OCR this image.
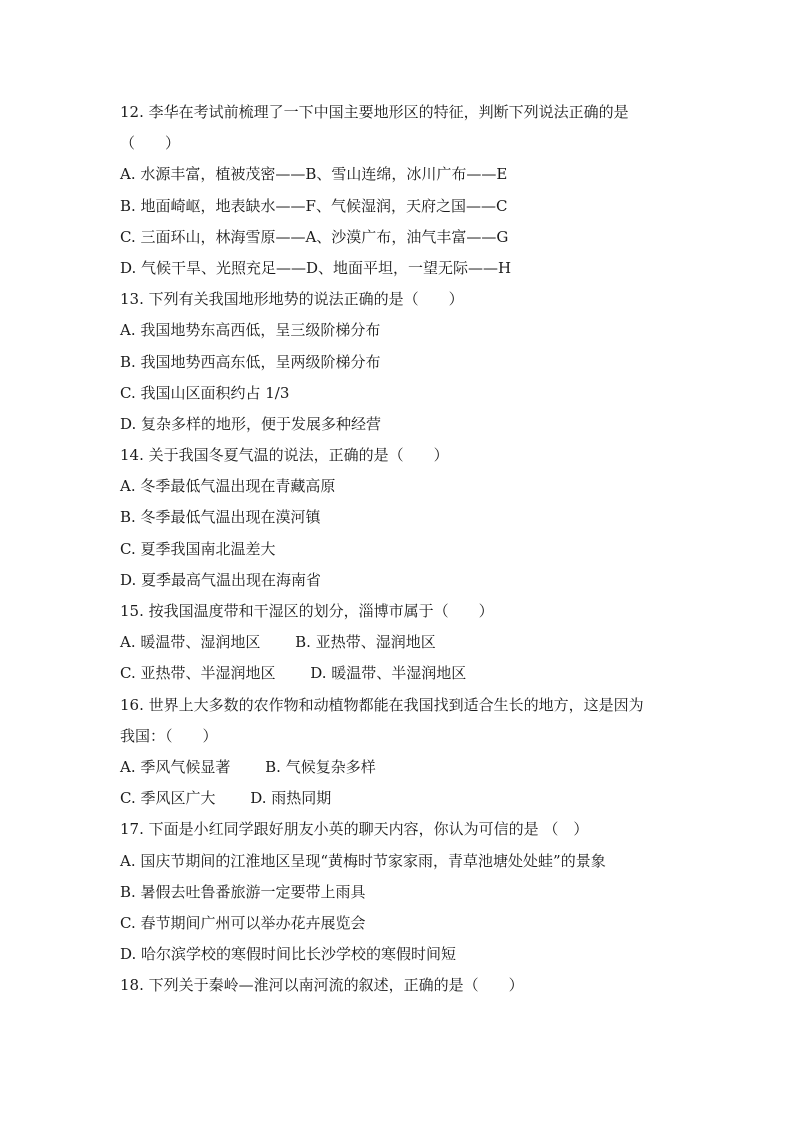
12. 李华在考试前梳理了一下中国主要地形区的特征，判断下列说法正确的是
（　　）
A. 水源丰富，植被茂密——B、雪山连绵，冰川广布——E
B. 地面崎岖，地表缺水——F、气候湿润，天府之国——C
C. 三面环山，林海雪原——A、沙漠广布，油气丰富——G
D. 气候干旱、光照充足——D、地面平坦，一望无际——H
13. 下列有关我国地形地势的说法正确的是（　　）
A. 我国地势东高西低，呈三级阶梯分布
B. 我国地势西高东低，呈两级阶梯分布
C. 我国山区面积约占 1/3
D. 复杂多样的地形，便于发展多种经营
14. 关于我国冬夏气温的说法，正确的是（　　）
A. 冬季最低气温出现在青藏高原
B. 冬季最低气温出现在漠河镇
C. 夏季我国南北温差大
D. 夏季最高气温出现在海南省
15. 按我国温度带和干湿区的划分，淄博市属于（　　）
A. 暖温带、湿润地区 B. 亚热带、湿润地区
C. 亚热带、半湿润地区 D. 暖温带、半湿润地区
16. 世界上大多数的农作物和动植物都能在我国找到适合生长的地方，这是因为
我国：（　　）
A. 季风气候显著 B. 气候复杂多样
C. 季风区广大 D. 雨热同期
17. 下面是小红同学跟好朋友小英的聊天内容，你认为可信的是 （　）
A. 国庆节期间的江淮地区呈现“黄梅时节家家雨，青草池塘处处蛙”的景象
B. 暑假去吐鲁番旅游一定要带上雨具
C. 春节期间广州可以举办花卉展览会
D. 哈尔滨学校的寒假时间比长沙学校的寒假时间短
18. 下列关于秦岭—淮河以南河流的叙述，正确的是（　　）
